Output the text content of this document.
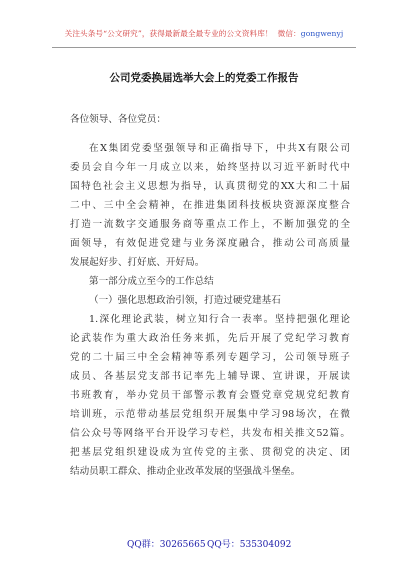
关注头条号“公文研究”，获得最新最全最专业的公文资料库！ 微信：gongwenyj
公司党委换届选举大会上的党委工作报告
各位领导、各位党员：
在X集团党委坚强领导和正确指导下，中共X有限公司
委员会自今年一月成立以来，始终坚持以习近平新时代中
国特色社会主义思想为指导，认真贯彻党的XX大和二十届
二中、三中全会精神，在推进集团科技板块资源深度整合
打造一流数字交通服务商等重点工作上，不断加强党的全
面领导，有效促进党建与业务深度融合，推动公司高质量
发展起好步、打好底、开好局。
第一部分成立至今的工作总结
（一）强化思想政治引领，打造过硬党建基石
1.深化理论武装，树立知行合一表率。坚持把强化理论
论武装作为重大政治任务来抓，先后开展了党纪学习教育
党的二十届三中全会精神等系列专题学习，公司领导班子
成员、各基层党支部书记率先上辅导课、宣讲课，开展读
书班教育，举办党员干部警示教育会暨党章党规党纪教育
培训班，示范带动基层党组织开展集中学习98场次，在微
信公众号等网络平台开设学习专栏，共发布相关推文52篇。
把基层党组织建设成为宣传党的主张、贯彻党的决定、团
结动员职工群众、推动企业改革发展的坚强战斗堡垒。
QQ群：30265665 QQ号：535304092
